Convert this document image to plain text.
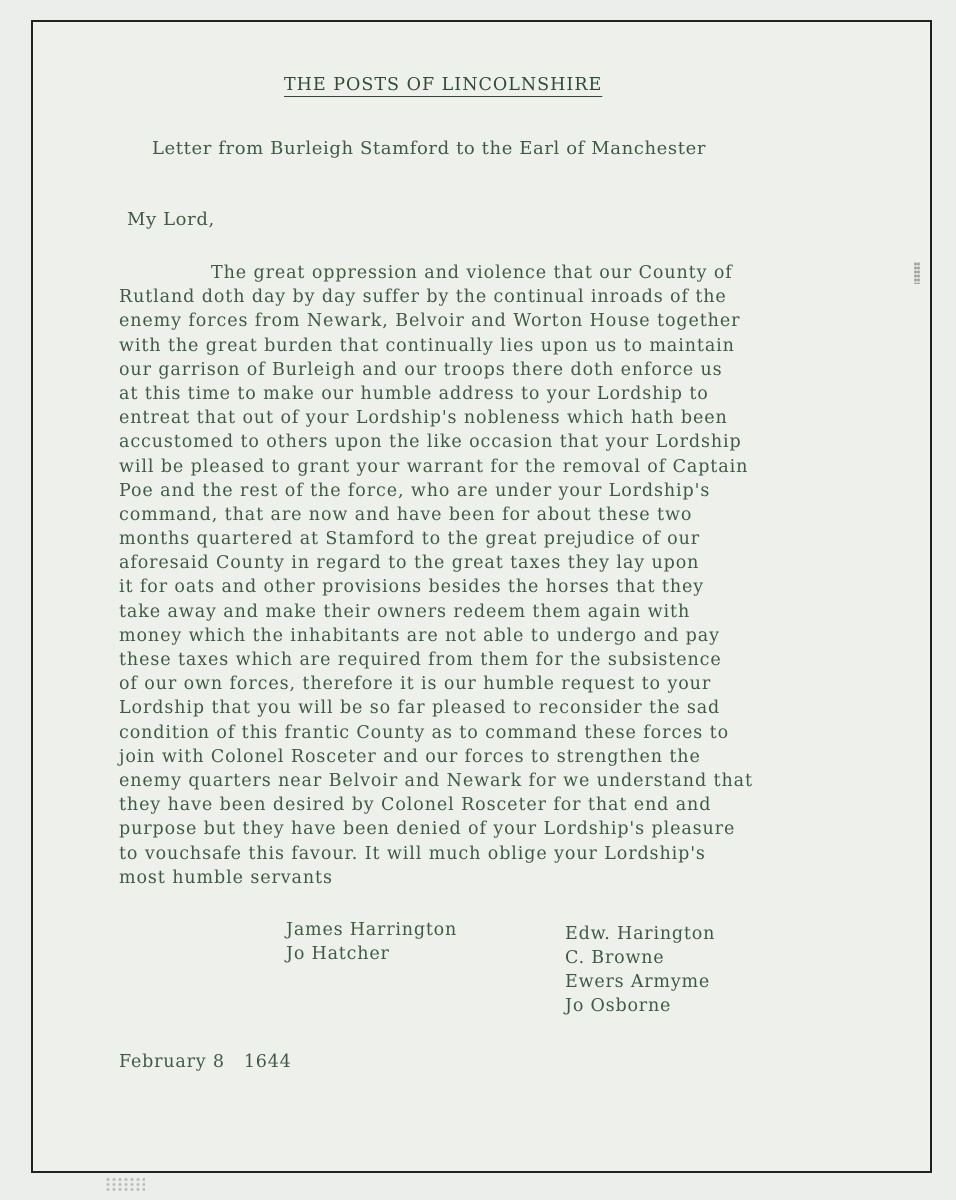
THE POSTS OF LINCOLNSHIRE
Letter from Burleigh Stamford to the Earl of Manchester
My Lord,
The great oppression and violence that our County of
Rutland doth day by day suffer by the continual inroads of the
enemy forces from Newark, Belvoir and Worton House together
with the great burden that continually lies upon us to maintain
our garrison of Burleigh and our troops there doth enforce us
at this time to make our humble address to your Lordship to
entreat that out of your Lordship's nobleness which hath been
accustomed to others upon the like occasion that your Lordship
will be pleased to grant your warrant for the removal of Captain
Poe and the rest of the force, who are under your Lordship's
command, that are now and have been for about these two
months quartered at Stamford to the great prejudice of our
aforesaid County in regard to the great taxes they lay upon
it for oats and other provisions besides the horses that they
take away and make their owners redeem them again with
money which the inhabitants are not able to undergo and pay
these taxes which are required from them for the subsistence
of our own forces, therefore it is our humble request to your
Lordship that you will be so far pleased to reconsider the sad
condition of this frantic County as to command these forces to
join with Colonel Rosceter and our forces to strengthen the
enemy quarters near Belvoir and Newark for we understand that
they have been desired by Colonel Rosceter for that end and
purpose but they have been denied of your Lordship's pleasure
to vouchsafe this favour. It will much oblige your Lordship's
most humble servants
James Harrington
Jo Hatcher
Edw. Harington
C. Browne
Ewers Armyme
Jo Osborne
February 8   1644
